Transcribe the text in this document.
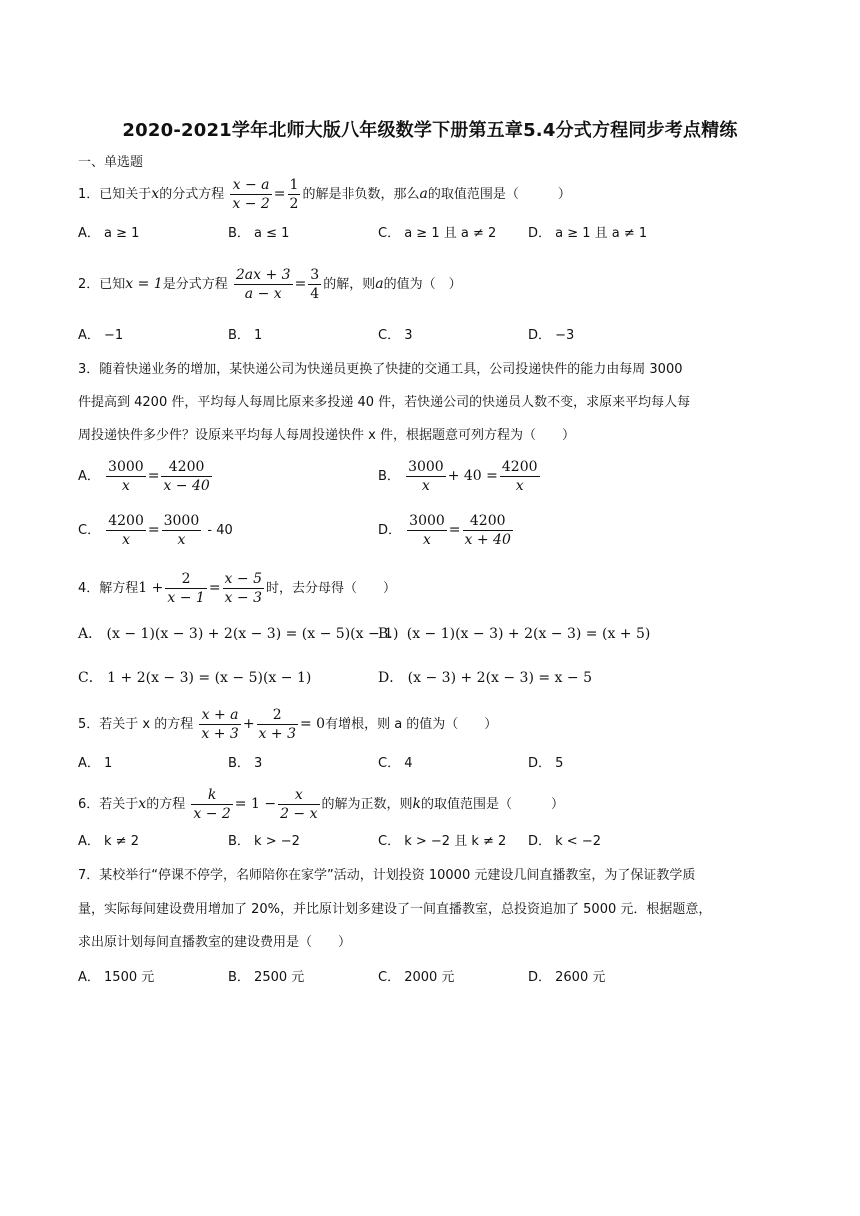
2020-2021学年北师大版八年级数学下册第五章5.4分式方程同步考点精练
一、单选题
1．已知关于x的分式方程 $\frac{x - a}{x - 2} = \frac{1}{2}$ 的解是非负数，那么a的取值范围是（　　　）
A． a ≥ 1	B． a ≤ 1	C． a ≥ 1 且 a ≠ 2 D． a ≥ 1 且 a ≠ 1
2．已知x = 1是分式方程 $\frac{2ax + 3}{a - x} = \frac{3}{4}$ 的解，则a的值为（　）
A． −1	B． 1	C． 3	D． −3
3．随着快递业务的增加，某快递公司为快递员更换了快捷的交通工具，公司投递快件的能力由每周 3000
件提高到 4200 件，平均每人每周比原来多投递 40 件，若快递公司的快递员人数不变，求原来平均每人每
周投递快件多少件？设原来平均每人每周投递快件 x 件，根据题意可列方程为（　　）
A． $\frac{3000}{x} = \frac{4200}{x - 40}$	B． $\frac{3000}{x} + 40 = \frac{4200}{x}$
C． $\frac{4200}{x} = \frac{3000}{x} - 40$	D． $\frac{3000}{x} = \frac{4200}{x + 40}$
4．解方程$1 + \frac{2}{x - 1} = \frac{x - 5}{x - 3}$ 时，去分母得（　　）
A． (x − 1)(x − 3) + 2(x − 3) = (x − 5)(x − 1)
B． (x − 1)(x − 3) + 2(x − 3) = (x + 5)
C． 1 + 2(x − 3) = (x − 5)(x − 1)	D． (x − 3) + 2(x − 3) = x − 5
5．若关于 x 的方程 $\frac{x + a}{x + 3} + \frac{2}{x + 3} = 0$有增根，则 a 的值为（　　）
A． 1	B． 3	C． 4	D． 5
6．若关于x的方程 $\frac{k}{x - 2} = 1 - \frac{x}{2 - x}$ 的解为正数，则k的取值范围是（　　　）
A． k ≠ 2	B． k > −2	C． k > −2 且 k ≠ 2 D． k < −2
7．某校举行“停课不停学，名师陪你在家学”活动，计划投资 10000 元建设几间直播教室，为了保证教学质
量，实际每间建设费用增加了 20%，并比原计划多建设了一间直播教室，总投资追加了 5000 元．根据题意，
求出原计划每间直播教室的建设费用是（　　）
A． 1500 元	B． 2500 元	C． 2000 元	D． 2600 元
